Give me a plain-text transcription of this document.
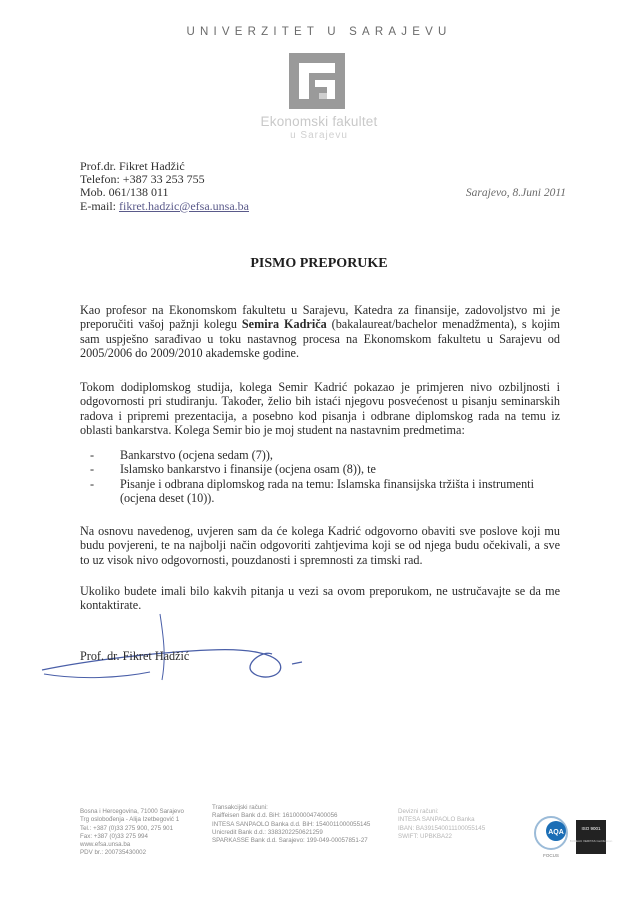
UNIVERZITET U SARAJEVU
Ekonomski fakultet
u Sarajevu
Prof.dr. Fikret Hadžić
Telefon: +387 33 253 755
Mob. 061/138 011
E-mail: fikret.hadzic@efsa.unsa.ba
Sarajevo, 8.Juni 2011
PISMO PREPORUKE
Kao profesor na Ekonomskom fakultetu u Sarajevu, Katedra za finansije, zadovoljstvo mi je preporučiti vašoj pažnji kolegu Semira Kadriča (bakalaureat/bachelor menadžmenta), s kojim sam uspješno sarađivao u toku nastavnog procesa na Ekonomskom fakultetu u Sarajevu od 2005/2006 do 2009/2010 akademske godine.
Tokom dodiplomskog studija, kolega Semir Kadrić pokazao je primjeren nivo ozbiljnosti i odgovornosti pri studiranju. Također, želio bih istaći njegovu posvećenost u pisanju seminarskih radova i pripremi prezentacija, a posebno kod pisanja i odbrane diplomskog rada na temu iz oblasti bankarstva. Kolega Semir bio je moj student na nastavnim predmetima:
- Bankarstvo (ocjena sedam (7)),
- Islamsko bankarstvo i finansije (ocjena osam (8)), te
- Pisanje i odbrana diplomskog rada na temu: Islamska finansijska tržišta i instrumenti (ocjena deset (10)).
Na osnovu navedenog, uvjeren sam da će kolega Kadrić odgovorno obaviti sve poslove koji mu budu povjereni, te na najbolji način odgovoriti zahtjevima koji se od njega budu očekivali, a sve to uz visok nivo odgovornosti, pouzdanosti i spremnosti za timski rad.
Ukoliko budete imali bilo kakvih pitanja u vezi sa ovom preporukom, ne ustručavajte se da me kontaktirate.
Prof. dr. Fikret Hadžić
Bosna i Hercegovina, 71000 Sarajevo
Trg oslobođenja - Alija Izetbegović 1
Tel.: +387 (0)33 275 900, 275 901
Fax: +387 (0)33 275 994
www.efsa.unsa.ba
PDV br.: 200735430002
Transakcijski računi:
Raiffeisen Bank d.d. BiH: 1610000047400056
INTESA SANPAOLO Banka d.d. BiH: 1540011000055145
Unicredit Bank d.d.: 3383202250621259
SPARKASSE Bank d.d. Sarajevo: 199-049-00057851-27
Devizni računi:
INTESA SANPAOLO Banka
IBAN: BA391540011100055145
SWIFT: UPBKBA22
AQA
FOCUS
ISO 9001
BUREAU VERITAS Certification
